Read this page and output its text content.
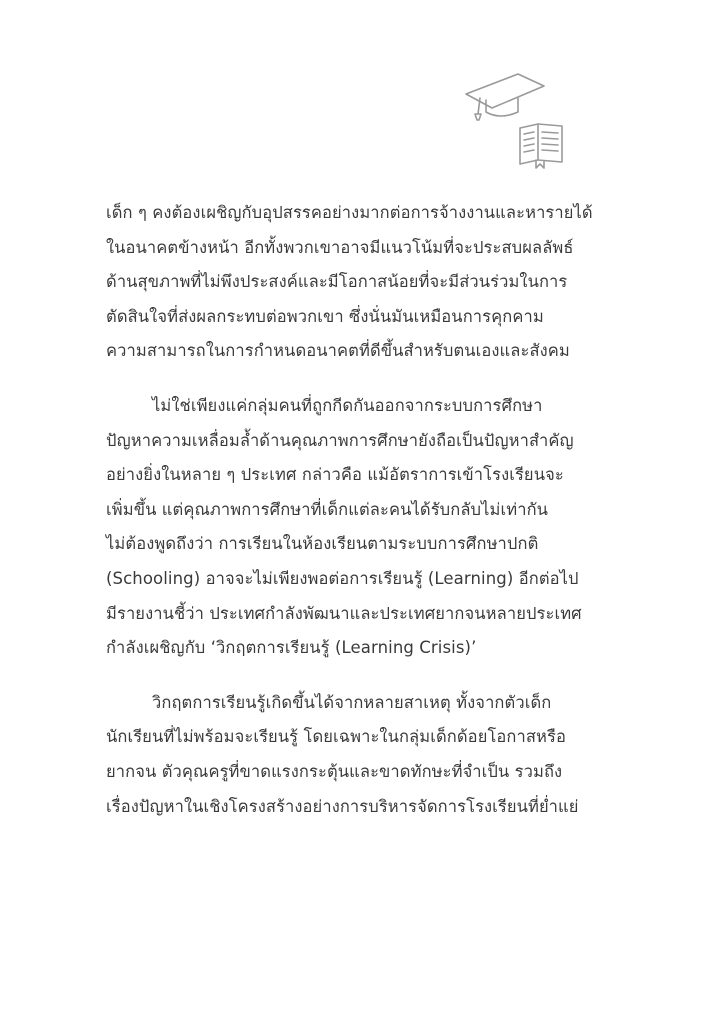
เด็ก ๆ คงต้องเผชิญกับอุปสรรคอย่างมากต่อการจ้างงานและหารายได้
ในอนาคตข้างหน้า อีกทั้งพวกเขาอาจมีแนวโน้มที่จะประสบผลลัพธ์
ด้านสุขภาพที่ไม่พึงประสงค์และมีโอกาสน้อยที่จะมีส่วนร่วมในการ
ตัดสินใจที่ส่งผลกระทบต่อพวกเขา ซึ่งนั่นมันเหมือนการคุกคาม
ความสามารถในการกำหนดอนาคตที่ดีขึ้นสำหรับตนเองและสังคม

ไม่ใช่เพียงแค่กลุ่มคนที่ถูกกีดกันออกจากระบบการศึกษา
ปัญหาความเหลื่อมล้ำด้านคุณภาพการศึกษายังถือเป็นปัญหาสำคัญ
อย่างยิ่งในหลาย ๆ ประเทศ กล่าวคือ แม้อัตราการเข้าโรงเรียนจะ
เพิ่มขึ้น แต่คุณภาพการศึกษาที่เด็กแต่ละคนได้รับกลับไม่เท่ากัน
ไม่ต้องพูดถึงว่า การเรียนในห้องเรียนตามระบบการศึกษาปกติ
(Schooling) อาจจะไม่เพียงพอต่อการเรียนรู้ (Learning) อีกต่อไป
มีรายงานชี้ว่า ประเทศกำลังพัฒนาและประเทศยากจนหลายประเทศ
กำลังเผชิญกับ ‘วิกฤตการเรียนรู้ (Learning Crisis)’

วิกฤตการเรียนรู้เกิดขึ้นได้จากหลายสาเหตุ ทั้งจากตัวเด็ก
นักเรียนที่ไม่พร้อมจะเรียนรู้ โดยเฉพาะในกลุ่มเด็กด้อยโอกาสหรือ
ยากจน ตัวคุณครูที่ขาดแรงกระตุ้นและขาดทักษะที่จำเป็น รวมถึง
เรื่องปัญหาในเชิงโครงสร้างอย่างการบริหารจัดการโรงเรียนที่ย่ำแย่
